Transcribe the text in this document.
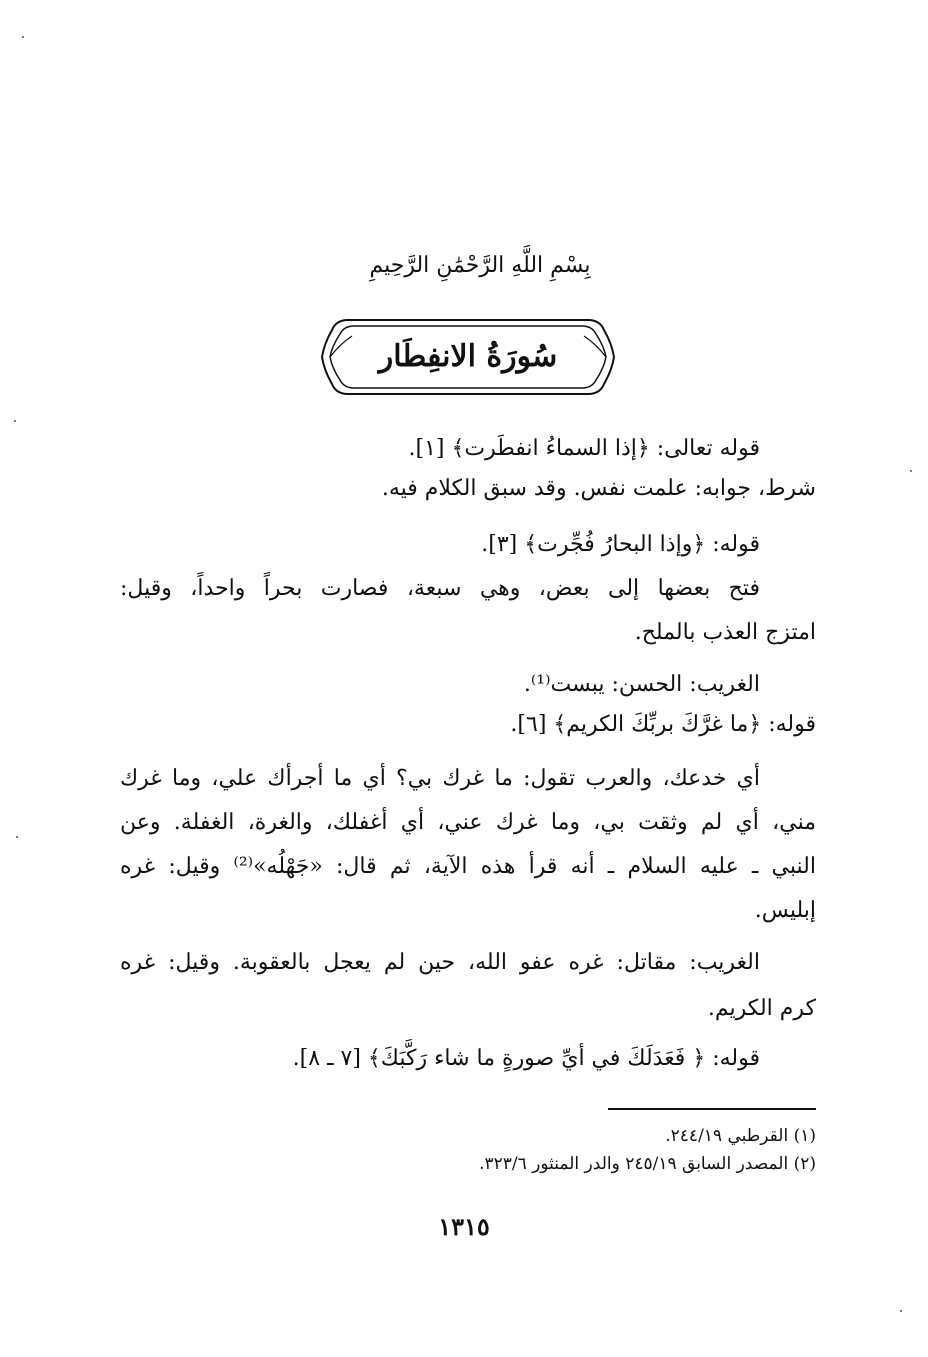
بِسْمِ اللَّهِ الرَّحْمَٰنِ الرَّحِيمِ
سُورَةُ الانفِطَار
قوله تعالى: ﴿إذا السماءُ انفطَرت﴾ [١].
شرط، جوابه: علمت نفس. وقد سبق الكلام فيه.
قوله: ﴿وإذا البحارُ فُجِّرت﴾ [٣].
فتح بعضها إلى بعض، وهي سبعة، فصارت بحراً واحداً، وقيل:
امتزج العذب بالملح.
الغريب: الحسن: يبست⁽¹⁾.
قوله: ﴿ما غرَّكَ بربِّكَ الكريم﴾ [٦].
أي خدعك، والعرب تقول: ما غرك بي؟ أي ما أجرأك علي، وما غرك
مني، أي لم وثقت بي، وما غرك عني، أي أغفلك، والغرة، الغفلة. وعن
النبي ـ عليه السلام ـ أنه قرأ هذه الآية، ثم قال: «جَهْلُه»⁽²⁾ وقيل: غره
إبليس.
الغريب: مقاتل: غره عفو الله، حين لم يعجل بالعقوبة. وقيل: غره
كرم الكريم.
قوله: ﴿ فَعَدَلَكَ في أيِّ صورةٍ ما شاء رَكَّبَكَ﴾ [٧ ـ ٨].
(١) القرطبي ٢٤٤/١٩.
(٢) المصدر السابق ٢٤٥/١٩ والدر المنثور ٣٢٣/٦.
١٣١٥
